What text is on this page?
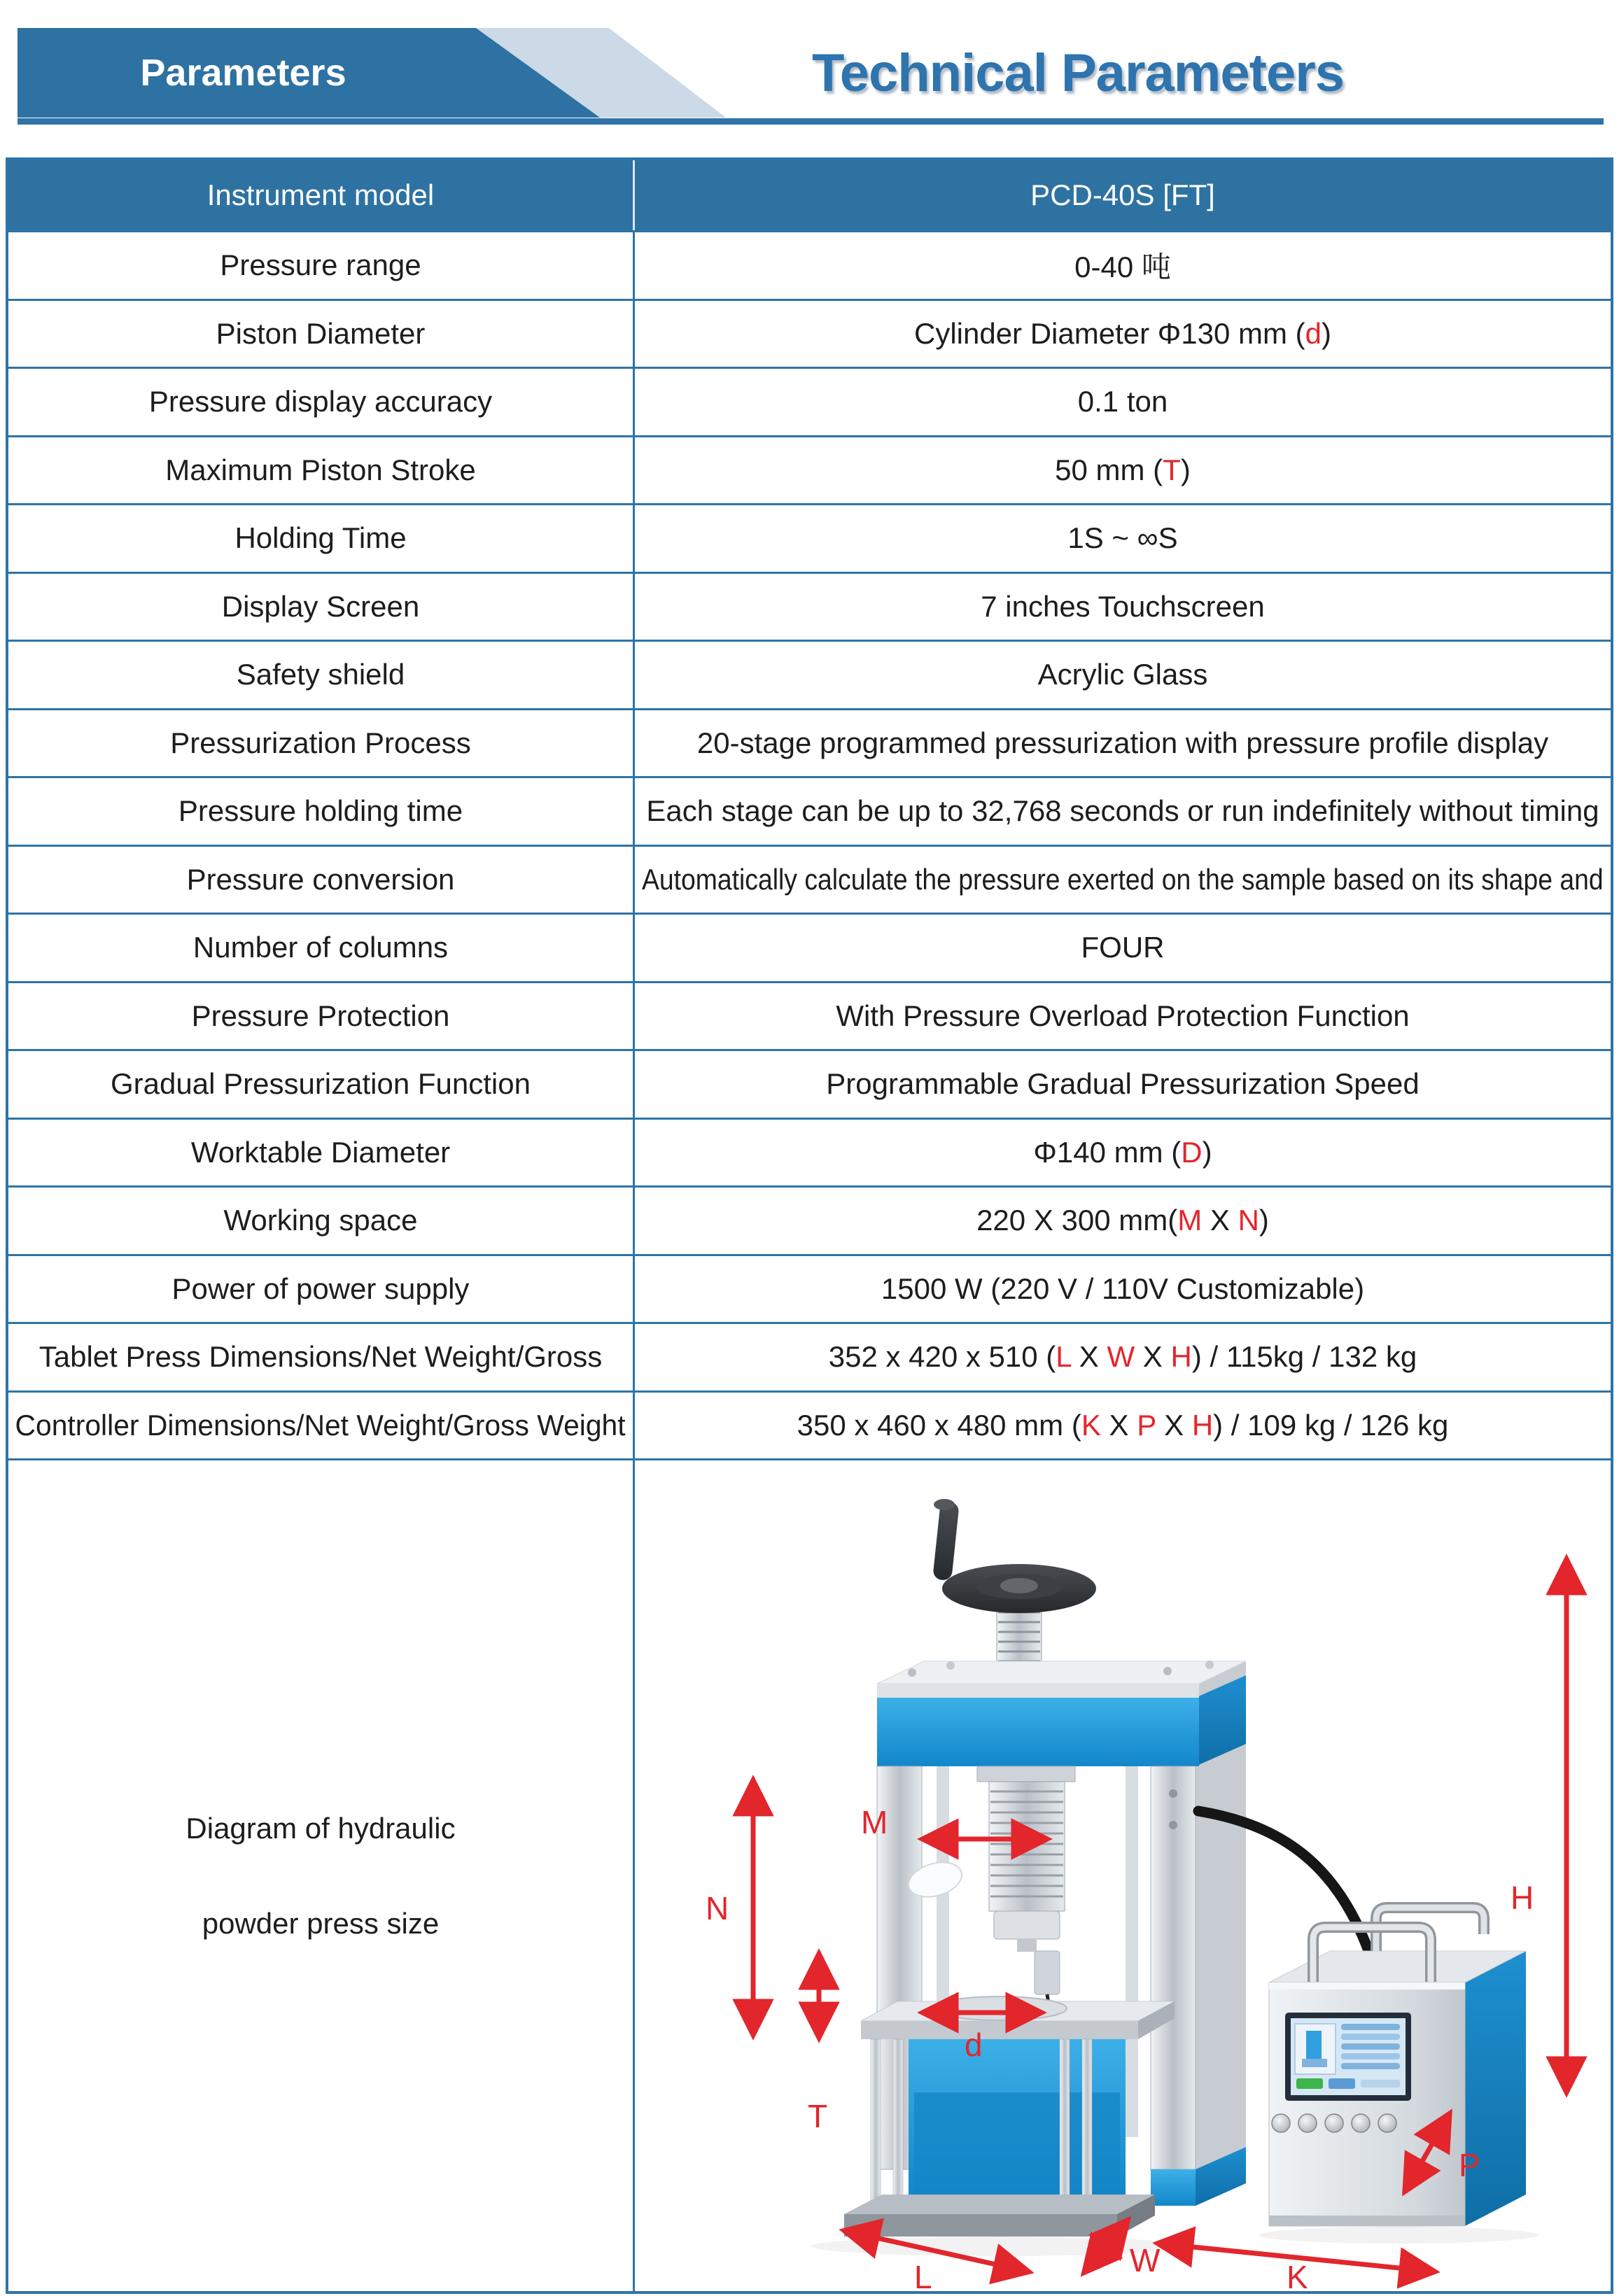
Parameters	Technical Parameters
Instrument model	PCD-40S [FT]
Pressure range	0-40 吨
Piston Diameter	Cylinder Diameter Φ130 mm (d)
Pressure display accuracy	0.1 ton
Maximum Piston Stroke	50 mm (T)
Holding Time	1S ~ ∞S
Display Screen	7 inches Touchscreen
Safety shield	Acrylic Glass
Pressurization Process	20-stage programmed pressurization with pressure profile display
Pressure holding time	Each stage can be up to 32,768 seconds or run indefinitely without timing
Pressure conversion	Automatically calculate the pressure exerted on the sample based on its shape and
Number of columns	FOUR
Pressure Protection	With Pressure Overload Protection Function
Gradual Pressurization Function	Programmable Gradual Pressurization Speed
Worktable Diameter	Φ140 mm (D)
Working space	220 X 300 mm(M X N)
Power of power supply	1500 W (220 V / 110V Customizable)
Tablet Press Dimensions/Net Weight/Gross	352 x 420 x 510 (L X W X H) / 115kg / 132 kg
Controller Dimensions/Net Weight/Gross Weight	350 x 460 x 480 mm (K X P X H) / 109 kg / 126 kg
Diagram of hydraulic
powder press size	N
T
M
d
H
W
L	K
P
